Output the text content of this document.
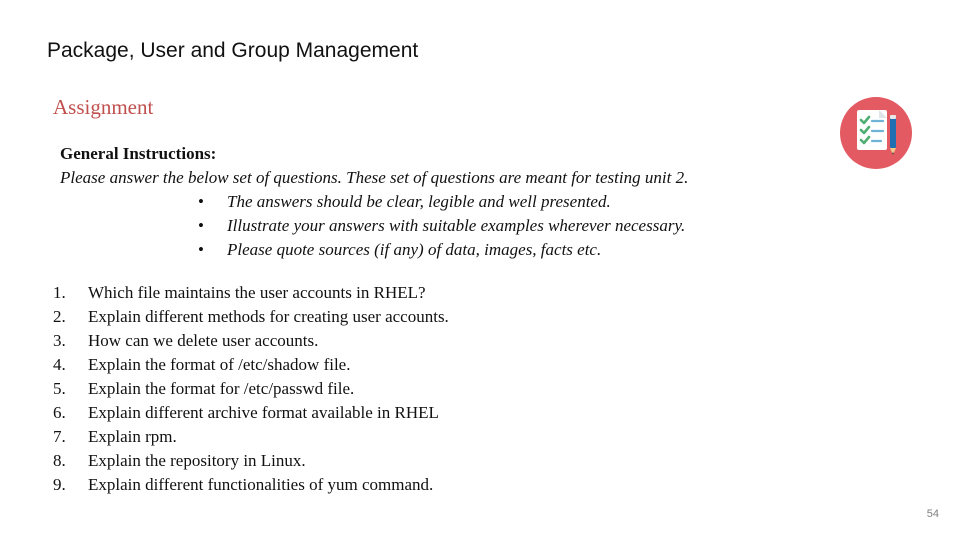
Package, User and Group Management
Assignment
General Instructions:
Please answer the below set of questions. These set of questions are meant for testing unit 2.
• The answers should be clear, legible and well presented.
• Illustrate your answers with suitable examples wherever necessary.
• Please quote sources (if any) of data, images, facts etc.
1. Which file maintains the user accounts in RHEL?
2. Explain different methods for creating user accounts.
3. How can we delete user accounts.
4. Explain the format of /etc/shadow file.
5. Explain the format for /etc/passwd file.
6. Explain different archive format available in RHEL
7. Explain rpm.
8. Explain the repository in Linux.
9. Explain different functionalities of yum command.
54
